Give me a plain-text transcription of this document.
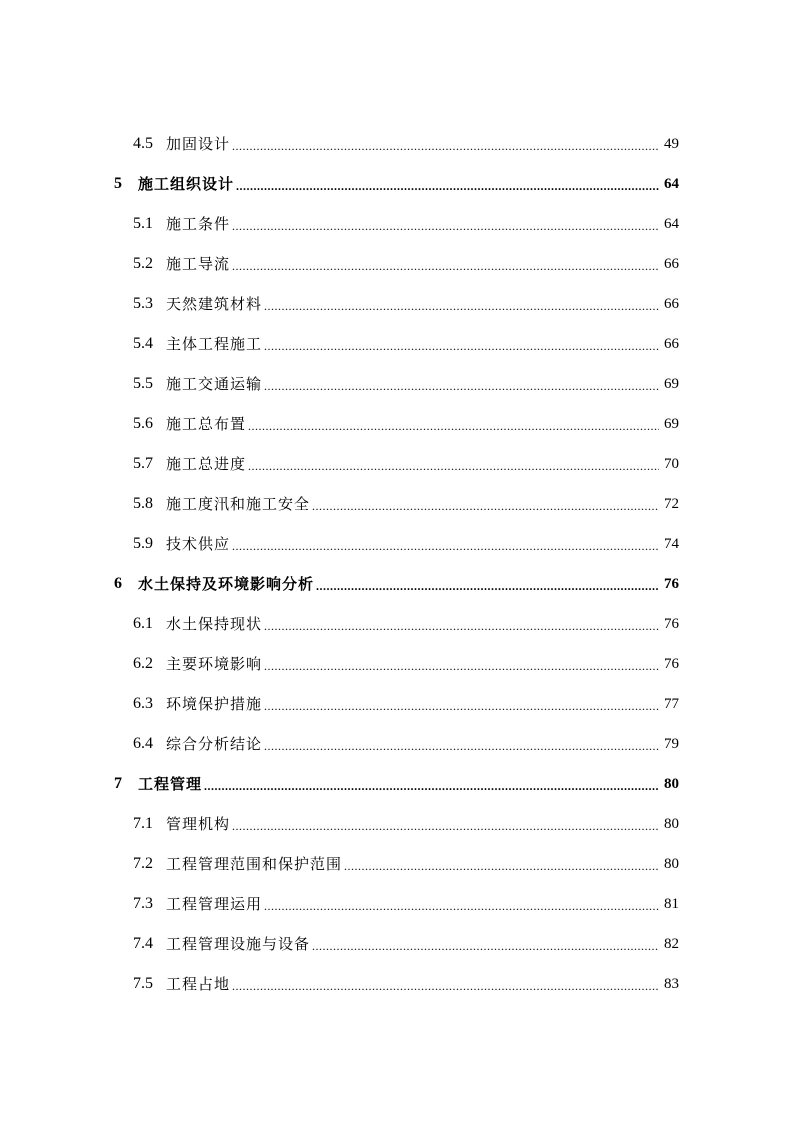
4.5 加固设计 .....	49
5	施工组织设计 .....	64
5.1 施工条件 .....	64
5.2 施工导流 .....	66
5.3 天然建筑材料 .....	66
5.4 主体工程施工 .....	66
5.5 施工交通运输 .....	69
5.6 施工总布置 .....	69
5.7 施工总进度 .....	70
5.8 施工度汛和施工安全 .....	72
5.9 技术供应 .....	74
6	水土保持及环境影响分析 .....	76
6.1 水土保持现状 .....	76
6.2 主要环境影响 .....	76
6.3 环境保护措施 .....	77
6.4 综合分析结论 .....	79
7	工程管理 .....	80
7.1 管理机构 .....	80
7.2 工程管理范围和保护范围 .....	80
7.3 工程管理运用 .....	81
7.4 工程管理设施与设备 .....	82
7.5 工程占地 .....	83
